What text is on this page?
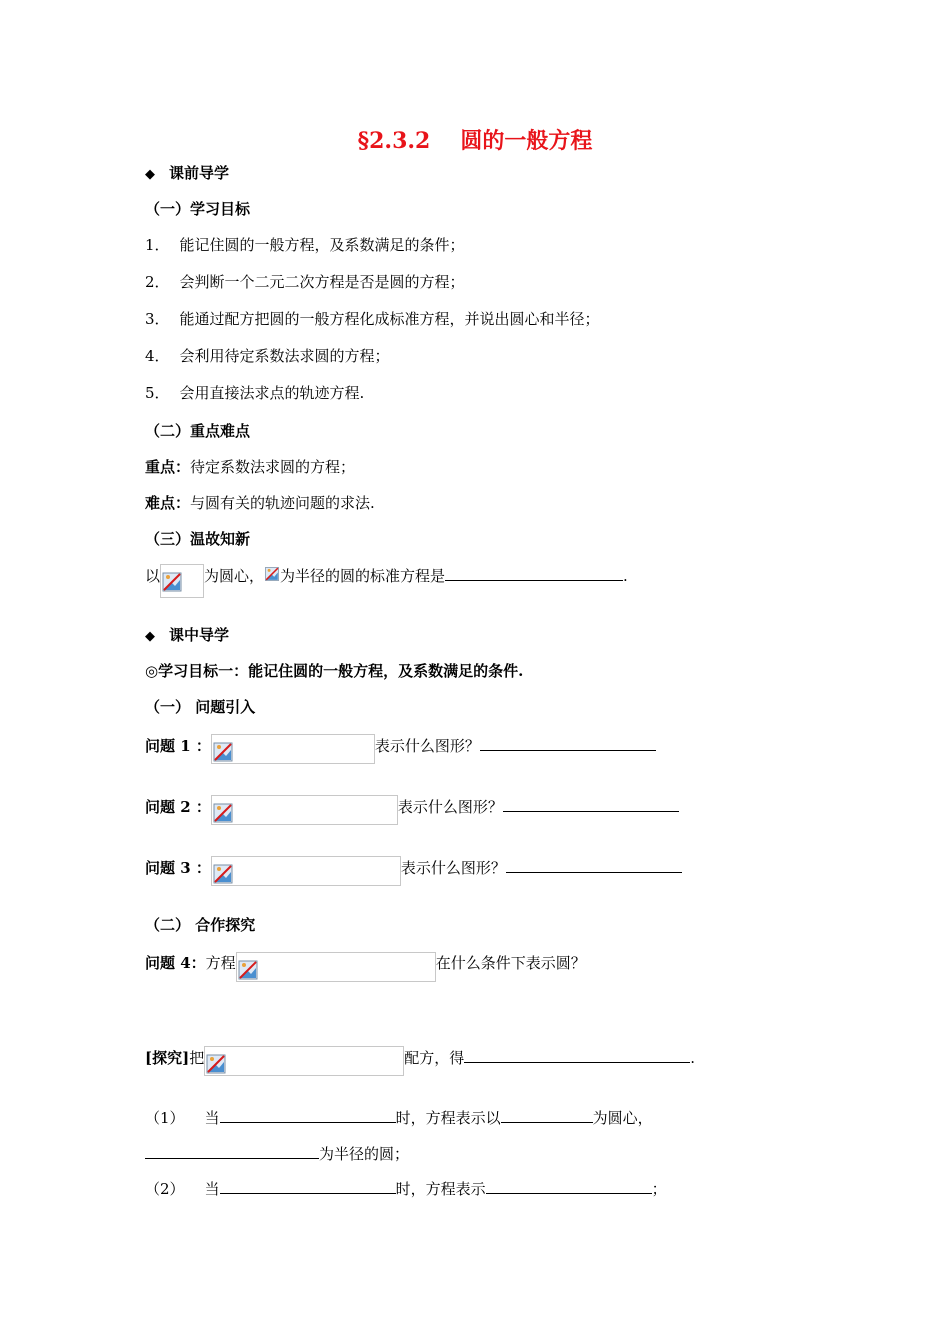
§2.3.2 圆的一般方程
◆ 课前导学
（一）学习目标
1． 能记住圆的一般方程，及系数满足的条件；
2． 会判断一个二元二次方程是否是圆的方程；
3． 能通过配方把圆的一般方程化成标准方程，并说出圆心和半径；
4． 会利用待定系数法求圆的方程；
5． 会用直接法求点的轨迹方程.
（二）重点难点
重点：待定系数法求圆的方程；
难点：与圆有关的轨迹问题的求法.
（三）温故知新
以	为圆心， 为半径的圆的标准方程是	.
◆ 课中导学
◎学习目标一：能记住圆的一般方程，及系数满足的条件.
（一） 问题引入
问题 1 ：	表示什么图形？
问题 2 ：	表示什么图形？
问题 3 ：	表示什么图形？
（二） 合作探究
问题 4：方程	在什么条件下表示圆？
[探究]把	配方，得	.
（1） 当	时，方程表示以	为圆心，
为半径的圆；
（2） 当	时，方程表示	；
